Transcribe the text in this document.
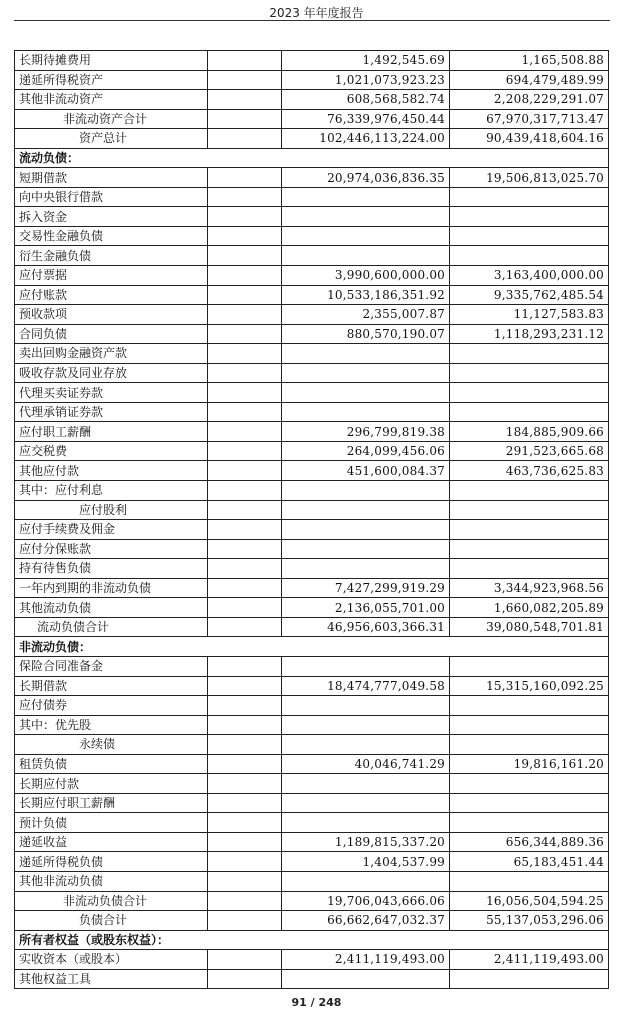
2023 年年度报告
长期待摊费用		1,492,545.69	1,165,508.88
递延所得税资产		1,021,073,923.23	694,479,489.99
其他非流动资产		608,568,582.74	2,208,229,291.07
非流动资产合计		76,339,976,450.44	67,970,317,713.47
资产总计		102,446,113,224.00	90,439,418,604.16
流动负债：			
短期借款		20,974,036,836.35	19,506,813,025.70
向中央银行借款			
拆入资金			
交易性金融负债			
衍生金融负债			
应付票据		3,990,600,000.00	3,163,400,000.00
应付账款		10,533,186,351.92	9,335,762,485.54
预收款项		2,355,007.87	11,127,583.83
合同负债		880,570,190.07	1,118,293,231.12
卖出回购金融资产款			
吸收存款及同业存放			
代理买卖证券款			
代理承销证券款			
应付职工薪酬		296,799,819.38	184,885,909.66
应交税费		264,099,456.06	291,523,665.68
其他应付款		451,600,084.37	463,736,625.83
其中：应付利息			
应付股利			
应付手续费及佣金			
应付分保账款			
持有待售负债			
一年内到期的非流动负债		7,427,299,919.29	3,344,923,968.56
其他流动负债		2,136,055,701.00	1,660,082,205.89
流动负债合计		46,956,603,366.31	39,080,548,701.81
非流动负债：			
保险合同准备金			
长期借款		18,474,777,049.58	15,315,160,092.25
应付债券			
其中：优先股			
永续债			
租赁负债		40,046,741.29	19,816,161.20
长期应付款			
长期应付职工薪酬			
预计负债			
递延收益		1,189,815,337.20	656,344,889.36
递延所得税负债		1,404,537.99	65,183,451.44
其他非流动负债			
非流动负债合计		19,706,043,666.06	16,056,504,594.25
负债合计		66,662,647,032.37	55,137,053,296.06
所有者权益（或股东权益）：			
实收资本（或股本）		2,411,119,493.00	2,411,119,493.00
其他权益工具			
91 / 248
